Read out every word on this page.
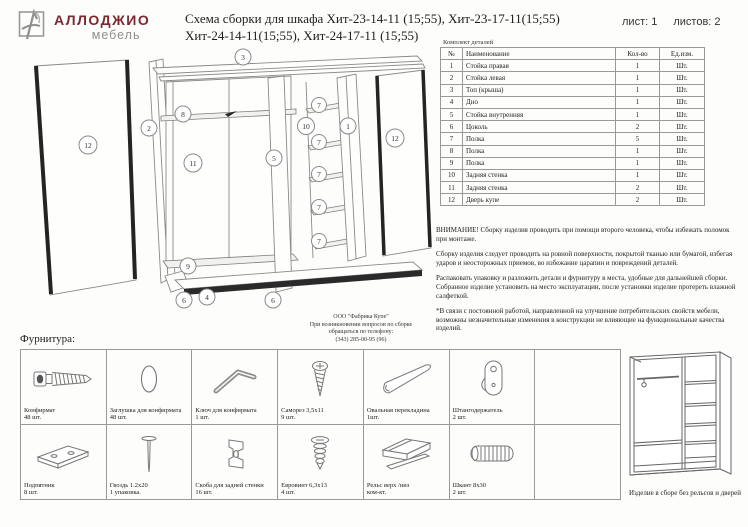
АЛЛОДЖИО
мебель
Схема сборки для шкафа Хит-23-14-11 (15;55), Хит-23-17-11(15;55)
Хит-24-14-11(15;55), Хит-24-17-11 (15;55)
лист: 1 листов: 2
Комплект деталей
№	Наименование	Кол-во	Ед.изм.
1	Стойка правая	1	Шт.
2	Стойка левая	1	Шт.
3	Топ (крыша)	1	Шт.
4	Дно	1	Шт.
5	Стойка внутренняя	1	Шт.
6	Цоколь	2	Шт.
7	Полка	5	Шт.
8	Полка	1	Шт.
9	Полка	1	Шт.
10	Задняя стенка	1	Шт.
11	Задняя стенка	2	Шт.
12	Дверь купе	2	Шт.

ВНИМАНИЕ! Сборку изделия проводить при помощи второго человека, чтобы избежать поломок при монтаже.

Сборку изделия следует проводить на ровной поверхности, покрытой тканью или бумагой, избегая ударов и неосторожных приемов, во избежание царапин и повреждений деталей.

Распаковать упаковку и разложить детали и фурнитуру в места, удобные для дальнейшей сборки.

Собранное изделие установить на место эксплуатации, после установки изделие протереть влажной салфеткой.

*В связи с постоянной работой, направленной на улучшение потребительских свойств мебели, возможны незначительные изменения в конструкции не влияющие на функциональные качества изделий.

3
12
2
8
11
5
10
7
7
7
7
7
1
12
9
6	4	6
ООО "Фабрика Купе"
При возникновении вопросов по сборке
обращаться по телефону:
(343) 285-00-95 (96)
Фурнитура:
Конфирмат
48 шт.
Заглушка для конфирмата
48 шт.
Ключ для конфирмата
1 шт.
Саморез 3,5х11
9 шт.
Овальная перекладина
1шт.
Штангодержатель
2 шт.
Подпятник
8 шт.
Гвоздь 1.2х20
1 упаковка.
Скоба для задней стенки
16 шт.
Евровинт 6,3х13
4 шт.
Рельс верх /низ
ком-кт.
Шкант 8х30
2 шт.	Изделие в сборе без рельсов и дверей
